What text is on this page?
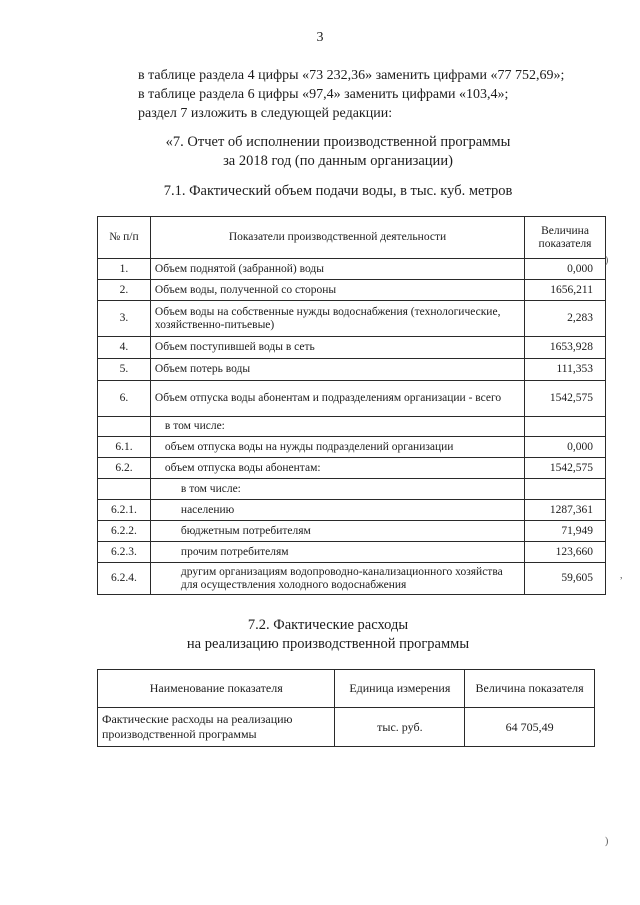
3
в таблице раздела 4 цифры «73 232,36» заменить цифрами «77 752,69»;
в таблице раздела 6 цифры «97,4» заменить цифрами «103,4»;
раздел 7 изложить в следующей редакции:
«7. Отчет об исполнении производственной программы
за 2018 год (по данным организации)
7.1. Фактический объем подачи воды, в тыс. куб. метров
№ п/п	Показатели производственной деятельности	Величина показателя
1.	Объем поднятой (забранной) воды	0,000
2.	Объем воды, полученной со стороны	1656,211
3.	Объем воды на собственные нужды водоснабжения (технологические, хозяйственно-питьевые)	2,283
4.	Объем поступившей воды в сеть	1653,928
5.	Объем потерь воды	111,353
6.	Объем отпуска воды абонентам и подразделениям организации - всего	1542,575
	в том числе:	
6.1.	объем отпуска воды на нужды подразделений организации	0,000
6.2.	объем отпуска воды абонентам:	1542,575
	в том числе:	
6.2.1.	населению	1287,361
6.2.2.	бюджетным потребителям	71,949
6.2.3.	прочим потребителям	123,660
6.2.4.	другим организациям водопроводно-канализационного хозяйства для осуществления холодного водоснабжения	59,605
7.2. Фактические расходы
на реализацию производственной программы
Наименование показателя	Единица измерения	Величина показателя
Фактические расходы на реализацию производственной программы	тыс. руб.	64 705,49
)
,
)
